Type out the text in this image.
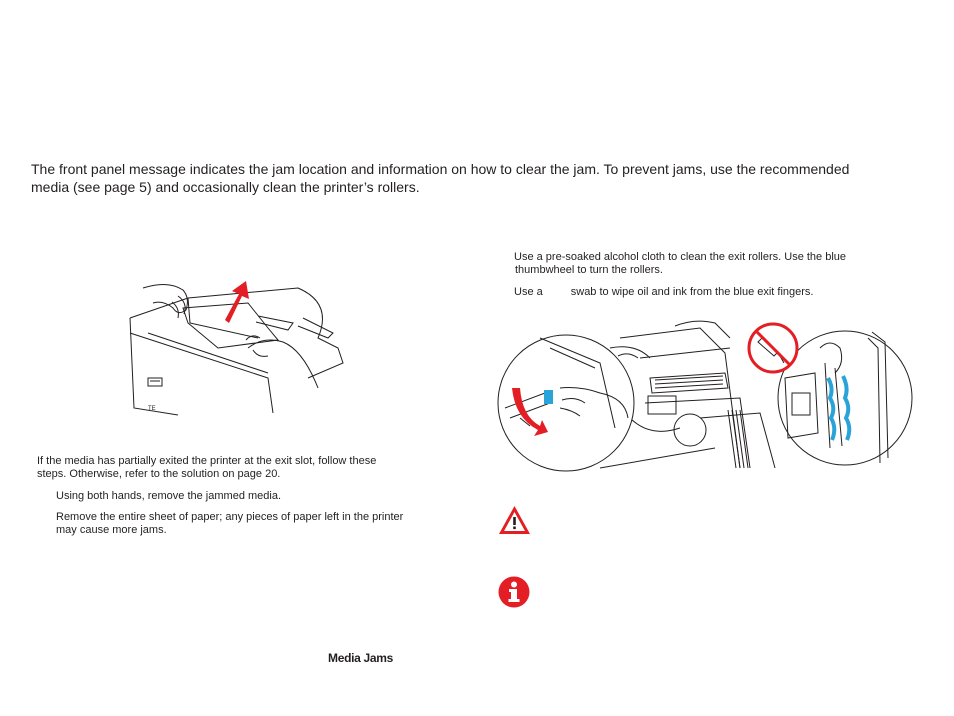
The front panel message indicates the jam location and information on how to clear the jam. To prevent jams, use the recommended
media (see page 5) and occasionally clean the printer’s rollers.
TE
If the media has partially exited the printer at the exit slot, follow these
steps. Otherwise, refer to the solution on page 20.
Using both hands, remove the jammed media.
Remove the entire sheet of paper; any pieces of paper left in the printer
may cause more jams.
Use a pre-soaked alcohol cloth to clean the exit rollers. Use the blue
thumbwheel to turn the rollers.
Use a	swab to wipe oil and ink from the blue exit fingers.
Media Jams
